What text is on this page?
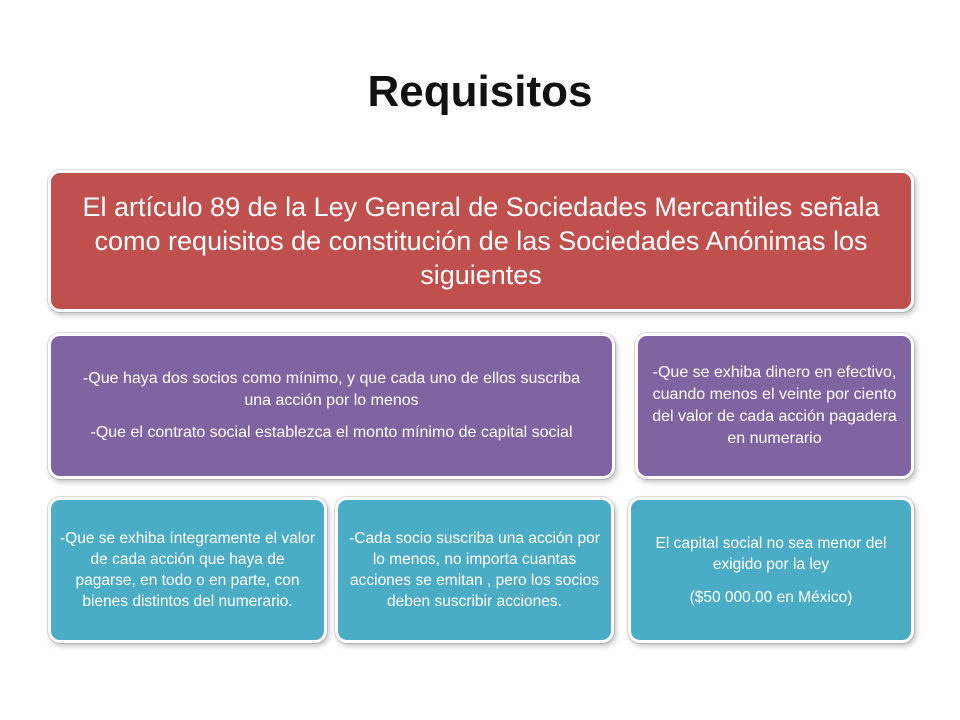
Requisitos

El artículo 89 de la Ley General de Sociedades Mercantiles señala como requisitos de constitución de las Sociedades Anónimas los siguientes

-Que haya dos socios como mínimo, y que cada uno de ellos suscriba una acción por lo menos

-Que el contrato social establezca el monto mínimo de capital social

-Que se exhiba dinero en efectivo, cuando menos el veinte por ciento del valor de cada acción pagadera en numerario

-Que se exhiba íntegramente el valor de cada acción que haya de pagarse, en todo o en parte, con bienes distintos del numerario.

-Cada socio suscriba una acción por lo menos, no importa cuantas acciones se emitan , pero los socios deben suscribir acciones.

El capital social no sea menor del exigido por la ley

($50 000.00 en México)
